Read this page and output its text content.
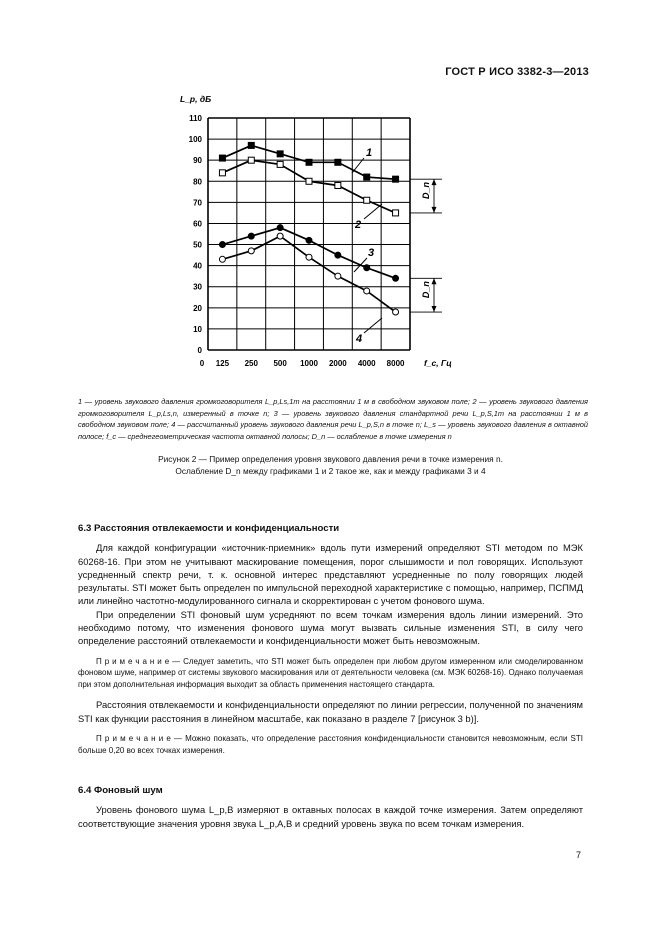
ГОСТ Р ИСО 3382-3—2013
0
10
20
30
40
50
60
70
80
90
100
110
0 125 250 500 1000 2000 4000 8000
L_p, дБ
f_c, Гц
1
2
3
4
D_n
D_n
1 — уровень звукового давления громкоговорителя L_p,Ls,1m на расстоянии 1 м в свободном звуковом поле; 2 — уровень звукового давления громкоговорителя L_p,Ls,n, измеренный в точке n; 3 — уровень звукового давления стандартной речи L_p,S,1m на расстоянии 1 м в свободном звуковом поле; 4 — рассчитанный уровень звукового давления речи L_p,S,n в точке n; L_s — уровень звукового давления в октавной полосе; f_c — среднегеометрическая частота октавной полосы; D_n — ослабление в точке измерения n
Рисунок 2 — Пример определения уровня звукового давления речи в точке измерения n.
Ослабление D_n между графиками 1 и 2 такое же, как и между графиками 3 и 4
6.3 Расстояния отвлекаемости и конфиденциальности

Для каждой конфигурации «источник-приемник» вдоль пути измерений определяют STI методом по МЭК 60268-16. При этом не учитывают маскирование помещения, порог слышимости и пол говорящих. Используют усредненный спектр речи, т. к. основной интерес представляют усредненные по полу говорящих людей результаты. STI может быть определен по импульсной переходной характеристике с помощью, например, ПСПМД или линейно частотно-модулированного сигнала и скорректирован с учетом фонового шума.

При определении STI фоновый шум усредняют по всем точкам измерения вдоль линии измерений. Это необходимо потому, что изменения фонового шума могут вызвать сильные изменения STI, в силу чего определение расстояний отвлекаемости и конфиденциальности может быть невозможным.

П р и м е ч а н и е — Следует заметить, что STI может быть определен при любом другом измеренном или смоделированном фоновом шуме, например от системы звукового маскирования или от деятельности человека (см. МЭК 60268-16). Однако получаемая при этом дополнительная информация выходит за область применения настоящего стандарта.

Расстояния отвлекаемости и конфиденциальности определяют по линии регрессии, полученной по значениям STI как функции расстояния в линейном масштабе, как показано в разделе 7 [рисунок 3 b)].

П р и м е ч а н и е — Можно показать, что определение расстояния конфиденциальности становится невозможным, если STI больше 0,20 во всех точках измерения.

6.4 Фоновый шум

Уровень фонового шума L_p,B измеряют в октавных полосах в каждой точке измерения. Затем определяют соответствующие значения уровня звука L_p,A,B и средний уровень звука по всем точкам измерения.

7
